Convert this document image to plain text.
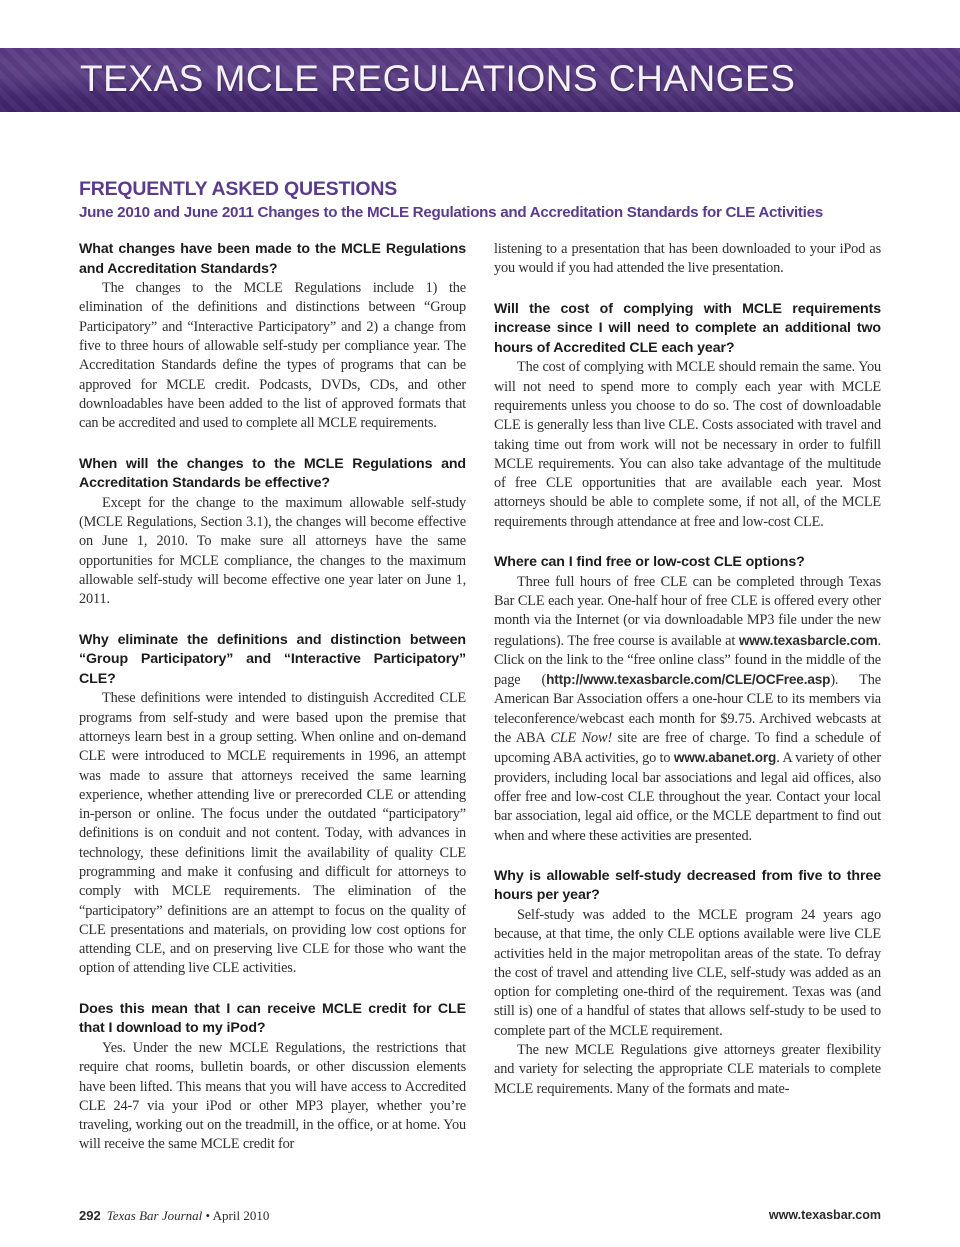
TEXAS MCLE REGULATIONS CHANGES
FREQUENTLY ASKED QUESTIONS
June 2010 and June 2011 Changes to the MCLE Regulations and Accreditation Standards for CLE Activities

What changes have been made to the MCLE Regulations and Accreditation Standards?

The changes to the MCLE Regulations include 1) the elimination of the definitions and distinctions between “Group Participatory” and “Interactive Participatory” and 2) a change from five to three hours of allowable self-study per compliance year. The Accreditation Standards define the types of programs that can be approved for MCLE credit. Podcasts, DVDs, CDs, and other downloadables have been added to the list of approved formats that can be accredited and used to complete all MCLE requirements.

When will the changes to the MCLE Regulations and Accreditation Standards be effective?

Except for the change to the maximum allowable self-study (MCLE Regulations, Section 3.1), the changes will become effective on June 1, 2010. To make sure all attorneys have the same opportunities for MCLE compliance, the changes to the maximum allowable self-study will become effective one year later on June 1, 2011.

Why eliminate the definitions and distinction between “Group Participatory” and “Interactive Participatory” CLE?

These definitions were intended to distinguish Accredited CLE programs from self-study and were based upon the premise that attorneys learn best in a group setting. When online and on-demand CLE were introduced to MCLE requirements in 1996, an attempt was made to assure that attorneys received the same learning experience, whether attending live or prerecorded CLE or attending in-person or online. The focus under the outdated “participatory” definitions is on conduit and not content. Today, with advances in technology, these definitions limit the availability of quality CLE programming and make it confusing and difficult for attorneys to comply with MCLE requirements. The elimination of the “participatory” definitions are an attempt to focus on the quality of CLE presentations and materials, on providing low cost options for attending CLE, and on preserving live CLE for those who want the option of attending live CLE activities.

Does this mean that I can receive MCLE credit for CLE that I download to my iPod?

Yes. Under the new MCLE Regulations, the restrictions that require chat rooms, bulletin boards, or other discussion elements have been lifted. This means that you will have access to Accredited CLE 24-7 via your iPod or other MP3 player, whether you’re traveling, working out on the treadmill, in the office, or at home. You will receive the same MCLE credit for

listening to a presentation that has been downloaded to your iPod as you would if you had attended the live presentation.

Will the cost of complying with MCLE requirements increase since I will need to complete an additional two hours of Accredited CLE each year?

The cost of complying with MCLE should remain the same. You will not need to spend more to comply each year with MCLE requirements unless you choose to do so. The cost of downloadable CLE is generally less than live CLE. Costs associated with travel and taking time out from work will not be necessary in order to fulfill MCLE requirements. You can also take advantage of the multitude of free CLE opportunities that are available each year. Most attorneys should be able to complete some, if not all, of the MCLE requirements through attendance at free and low-cost CLE.

Where can I find free or low-cost CLE options?

Three full hours of free CLE can be completed through Texas Bar CLE each year. One-half hour of free CLE is offered every other month via the Internet (or via downloadable MP3 file under the new regulations). The free course is available at www.texasbarcle.com. Click on the link to the “free online class” found in the middle of the page (http://www.texasbarcle.com/CLE/OCFree.asp). The American Bar Association offers a one-hour CLE to its members via teleconference/webcast each month for $9.75. Archived webcasts at the ABA CLE Now! site are free of charge. To find a schedule of upcoming ABA activities, go to www.abanet.org. A variety of other providers, including local bar associations and legal aid offices, also offer free and low-cost CLE throughout the year. Contact your local bar association, legal aid office, or the MCLE department to find out when and where these activities are presented.

Why is allowable self-study decreased from five to three hours per year?

Self-study was added to the MCLE program 24 years ago because, at that time, the only CLE options available were live CLE activities held in the major metropolitan areas of the state. To defray the cost of travel and attending live CLE, self-study was added as an option for completing one-third of the requirement. Texas was (and still is) one of a handful of states that allows self-study to be used to complete part of the MCLE requirement.

The new MCLE Regulations give attorneys greater flexibility and variety for selecting the appropriate CLE materials to complete MCLE requirements. Many of the formats and mate-

292 Texas Bar Journal • April 2010	www.texasbar.com
